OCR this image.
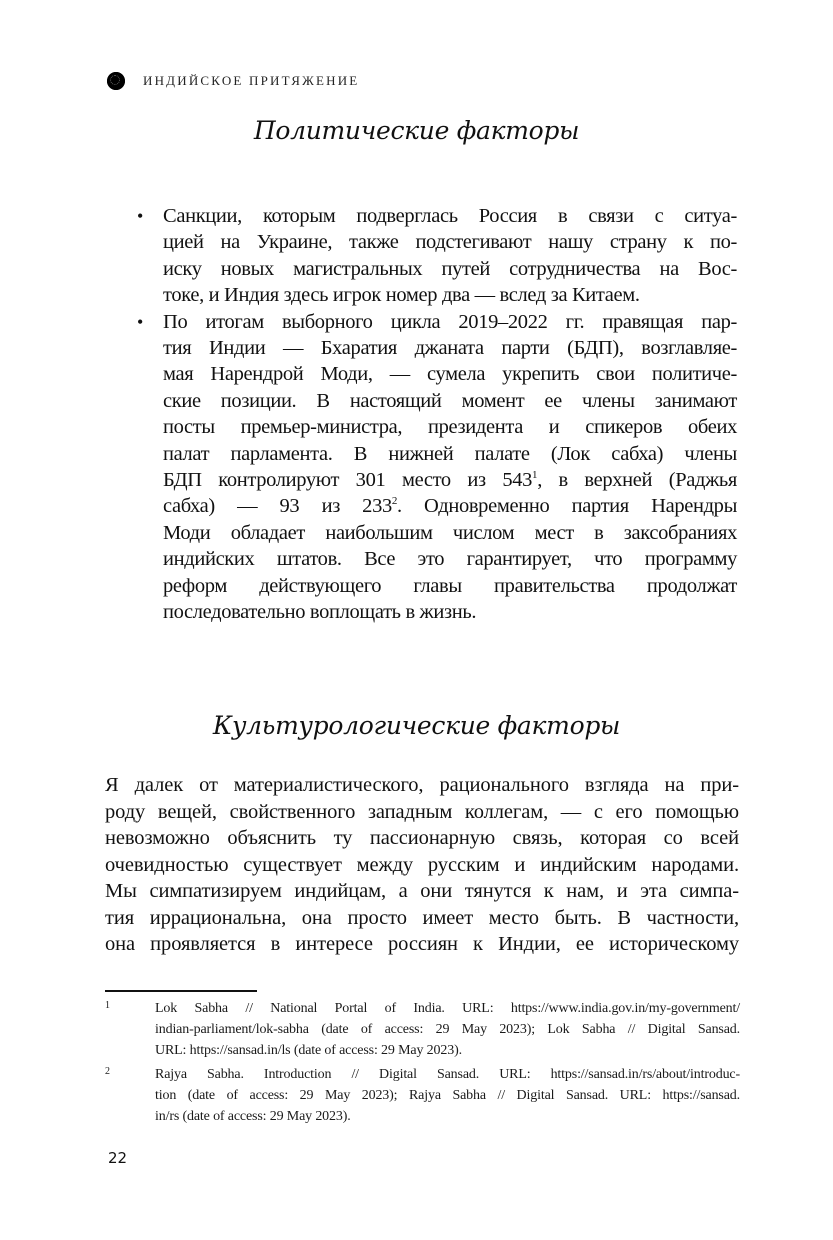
ИНДИЙСКОЕ ПРИТЯЖЕНИЕ
Политические факторы
• Санкции, которым подверглась Россия в связи с ситуа-
цией на Украине, также подстегивают нашу страну к по-
иску новых магистральных путей сотрудничества на Вос-
токе, и Индия здесь игрок номер два — вслед за Китаем.
• По итогам выборного цикла 2019–2022 гг. правящая пар-
тия Индии — Бхаратия джаната парти (БДП), возглавляе-
мая Нарендрой Моди, — сумела укрепить свои политиче-
ские позиции. В настоящий момент ее члены занимают
посты премьер-министра, президента и спикеров обеих
палат парламента. В нижней палате (Лок сабха) члены
БДП контролируют 301 место из $543^1$, в верхней (Раджья
сабха) — 93 из $233^2$. Одновременно партия Нарендры
Моди обладает наибольшим числом мест в заксобраниях
индийских штатов. Все это гарантирует, что программу
реформ действующего главы правительства продолжат
последовательно воплощать в жизнь.
Культурологические факторы
Я далек от материалистического, рационального взгляда на при-
роду вещей, свойственного западным коллегам, — с его помощью
невозможно объяснить ту пассионарную связь, которая со всей
очевидностью существует между русским и индийским народами.
Мы симпатизируем индийцам, а они тянутся к нам, и эта симпа-
тия иррациональна, она просто имеет место быть. В частности,
она проявляется в интересе россиян к Индии, ее историческому
1	Lok Sabha // National Portal of India. URL: https://www.india.gov.in/my-government/
indian-parliament/lok-sabha (date of access: 29 May 2023); Lok Sabha // Digital Sansad.
URL: https://sansad.in/ls (date of access: 29 May 2023).
2	Rajya Sabha. Introduction // Digital Sansad. URL: https://sansad.in/rs/about/introduc-
tion (date of access: 29 May 2023); Rajya Sabha // Digital Sansad. URL: https://sansad.
in/rs (date of access: 29 May 2023).
22
